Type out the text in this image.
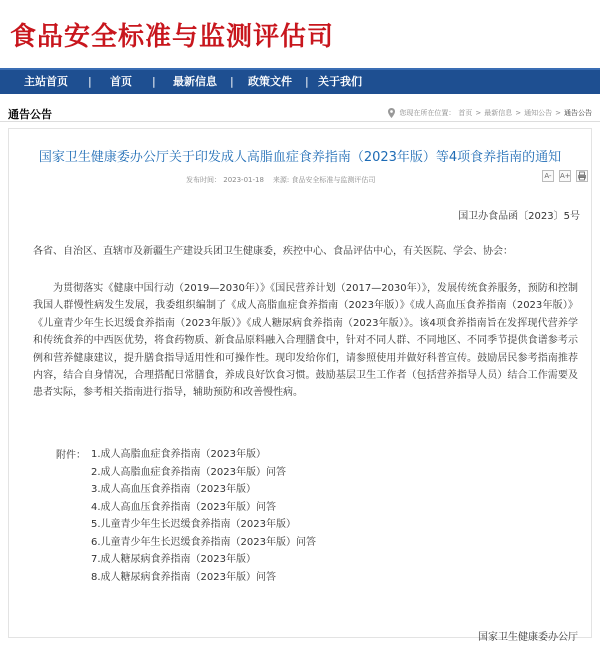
食品安全标准与监测评估司
主站首页 | 首页 | 最新信息 | 政策文件 | 关于我们
通告公告	您现在所在位置： 首页 > 最新信息 > 通知公告 > 通告公告
国家卫生健康委办公厅关于印发成人高脂血症食养指南（2023年版）等4项食养指南的通知
发布时间： 2023-01-18 来源: 食品安全标准与监测评估司	A-	A+
国卫办食品函〔2023〕5号
各省、自治区、直辖市及新疆生产建设兵团卫生健康委，疾控中心、食品评估中心，有关医院、学会、协会：
为贯彻落实《健康中国行动（2019—2030年）》《国民营养计划（2017—2030年）》，发展传统食养服务，预防和控制我国人群慢性病发生发展，我委组织编制了《成人高脂血症食养指南（2023年版）》《成人高血压食养指南（2023年版）》《儿童青少年生长迟缓食养指南（2023年版）》《成人糖尿病食养指南（2023年版）》。该4项食养指南旨在发挥现代营养学和传统食养的中西医优势，将食药物质、新食品原料融入合理膳食中，针对不同人群、不同地区、不同季节提供食谱参考示例和营养健康建议，提升膳食指导适用性和可操作性。现印发给你们，请参照使用并做好科普宣传。鼓励居民参考指南推荐内容，结合自身情况，合理搭配日常膳食，养成良好饮食习惯。鼓励基层卫生工作者（包括营养指导人员）结合工作需要及患者实际，参考相关指南进行指导，辅助预防和改善慢性病。
附件： 1.成人高脂血症食养指南（2023年版）
2.成人高脂血症食养指南（2023年版）问答
3.成人高血压食养指南（2023年版）
4.成人高血压食养指南（2023年版）问答
5.儿童青少年生长迟缓食养指南（2023年版）
6.儿童青少年生长迟缓食养指南（2023年版）问答
7.成人糖尿病食养指南（2023年版）
8.成人糖尿病食养指南（2023年版）问答
国家卫生健康委办公厅
